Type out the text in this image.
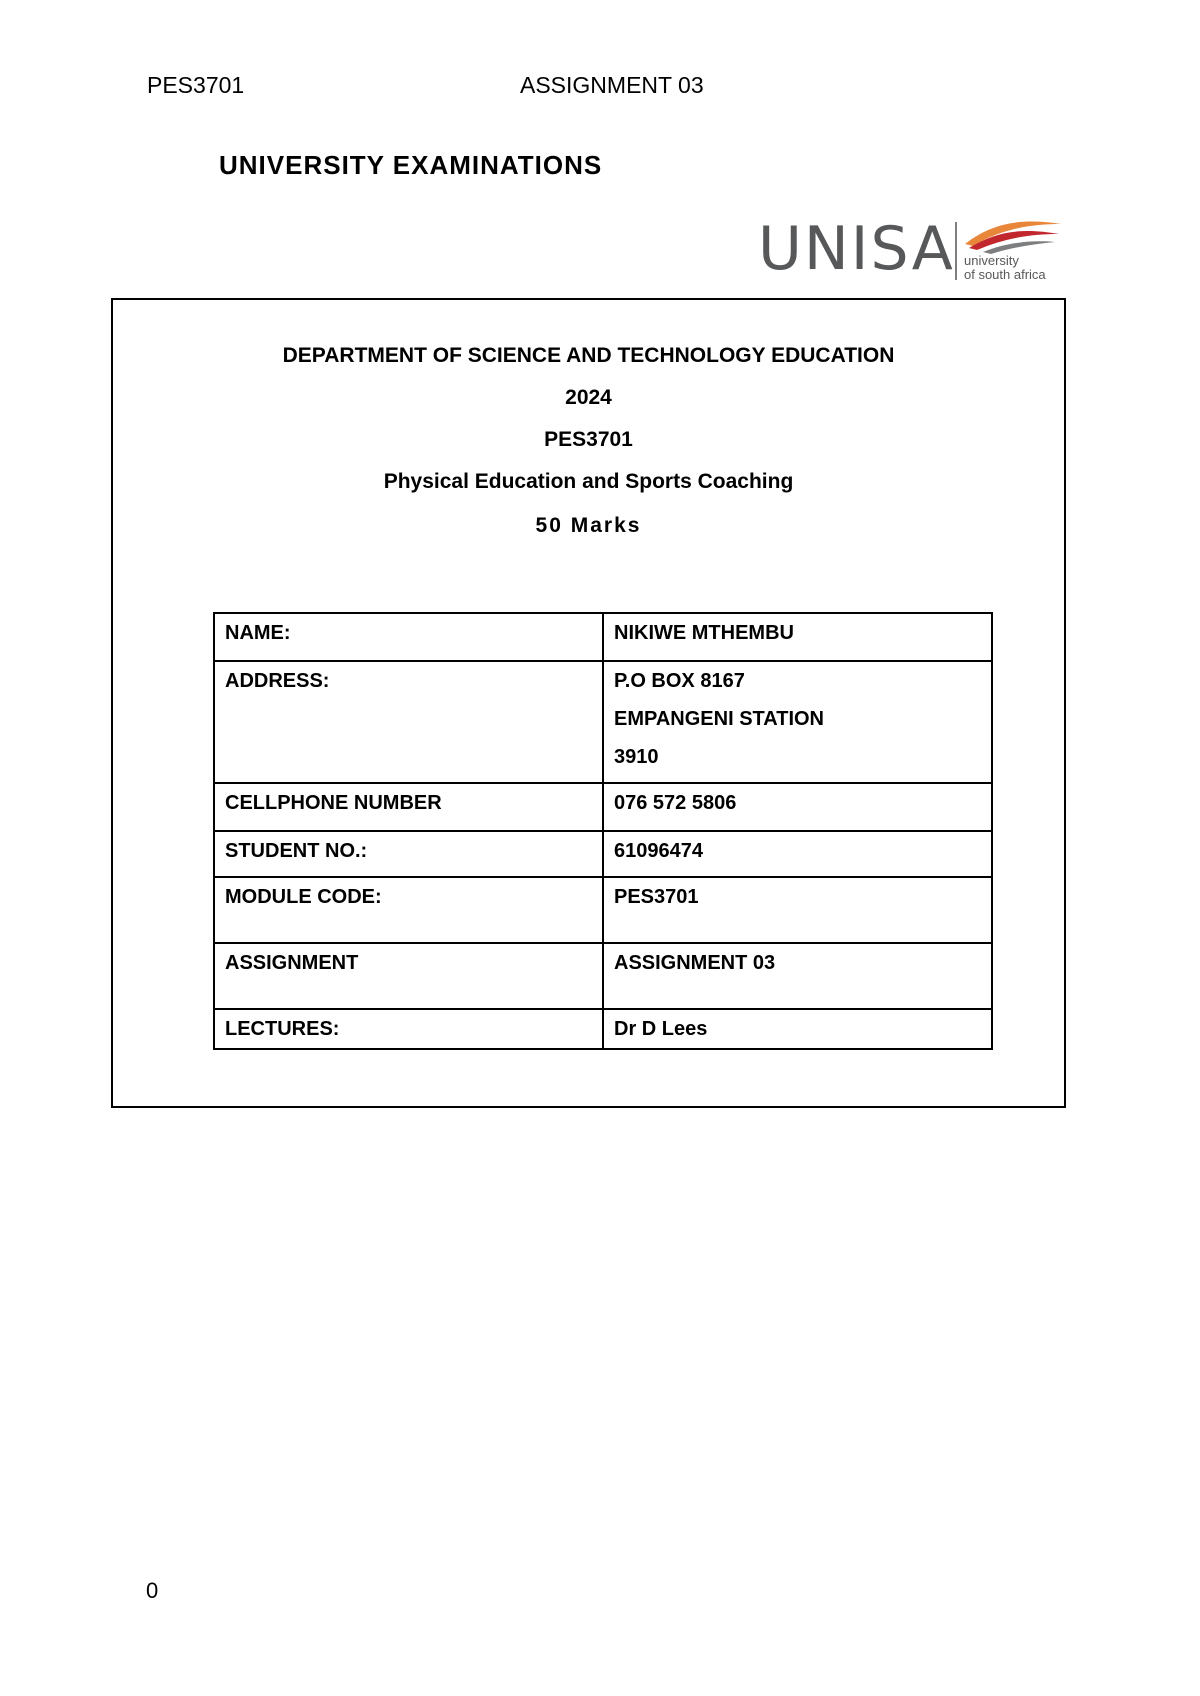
PES3701	ASSIGNMENT 03
UNIVERSITY EXAMINATIONS
UNISA university
of south africa
DEPARTMENT OF SCIENCE AND TECHNOLOGY EDUCATION
2024
PES3701
Physical Education and Sports Coaching
50 Marks
NAME:	NIKIWE MTHEMBU
ADDRESS:	P.O BOX 8167
EMPANGENI STATION
3910

CELLPHONE NUMBER	076 572 5806
STUDENT NO.:	61096474
MODULE CODE:	PES3701
ASSIGNMENT	ASSIGNMENT 03
LECTURES:	Dr D Lees
0
